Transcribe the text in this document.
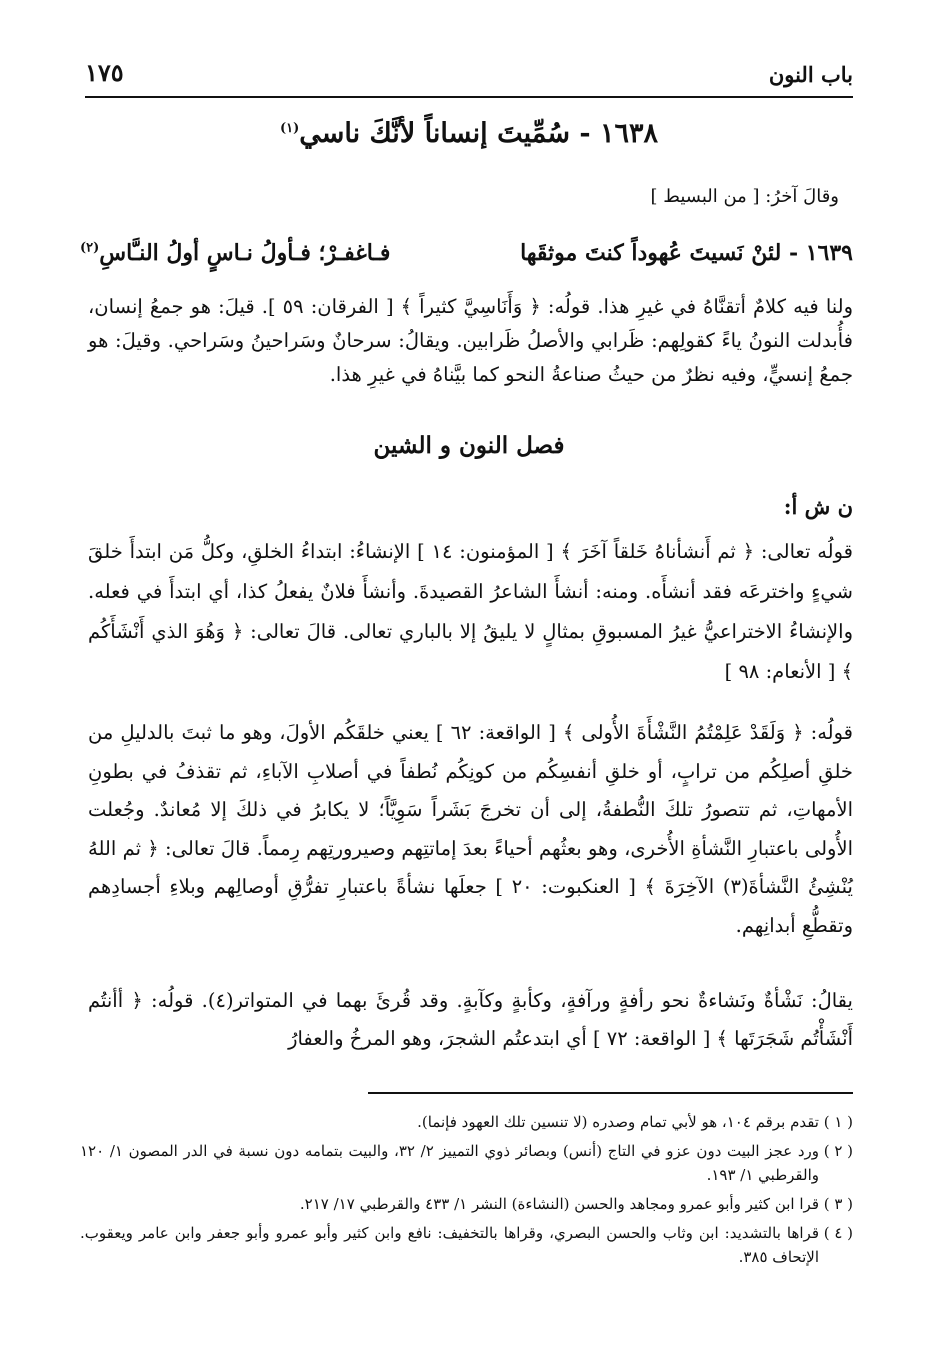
باب النون
١٧٥
١٦٣٨ - سُمِّيتَ إنساناً لأنَّكَ ناسي$^{(١)}$
وقالَ آخرُ: [ من البسيط ]
١٦٣٩ - لئنْ نَسيتَ عُهوداً كنتَ موثقَها
فـاغفـرْ؛ فـأولُ نـاسٍ أولُ النـَّاسِ$^{(٢)}$
ولنا فيه كلامٌ أتقنَّاهُ في غيرِ هذا. قولُه: ﴿ وَأَنَاسِيَّ كثيراً ﴾ [ الفرقان: ٥٩ ]. قيلَ: هو جمعُ إنسان، فأُبدلت النونُ ياءً كقولِهم: ظَرابي والأصلُ ظَرابين. ويقالُ: سرحانٌ وسَراحينُ وسَراحي. وقيلَ: هو جمعُ إنسيٍّ، وفيه نظرٌ من حيثُ صناعةُ النحو كما بيَّناهُ في غيرِ هذا.
فصل النون و الشين
ن ش أ:
قولُه تعالى: ﴿ ثم أَنشأناهُ خَلقاً آخَرَ ﴾ [ المؤمنون: ١٤ ] الإنشاءُ: ابتداءُ الخلقِ، وكلُّ مَن ابتدأَ خلقَ شيءٍ واخترعَه فقد أنشأَه. ومنه: أنشأَ الشاعرُ القصيدةَ. وأنشأَ فلانٌ يفعلُ كذا، أي ابتدأَ في فعله. والإنشاءُ الاختراعيُّ غيرُ المسبوقِ بمثالٍ لا يليقُ إلا بالباري تعالى. قالَ تعالى: ﴿ وَهُوَ الذي أَنْشَأَكُم ﴾ [ الأنعام: ٩٨ ]
قولُه: ﴿ وَلَقَدْ عَلِمْتُمُ النَّشْأَةَ الأُولى ﴾ [ الواقعة: ٦٢ ] يعني خلقَكُم الأولَ، وهو ما ثبتَ بالدليلِ من خلقِ أصلِكُم من ترابٍ، أو خلقِ أنفسِكُم من كونِكُم نُطفاً في أصلابِ الآباءِ، ثم تقذفُ في بطونِ الأمهاتِ، ثم تتصورُ تلكَ النُّطفةُ، إلى أن تخرجَ بَشَراً سَوِيَّاً؛ لا يكابرُ في ذلكَ إلا مُعاندٌ. وجُعلت الأُولى باعتبارِ النَّشأةِ الأُخرى، وهو بعثُهم أحياءً بعدَ إماتتِهم وصيرورتِهم رِمماً. قالَ تعالى: ﴿ ثم اللهُ يُنْشِئُ النَّشأةَ(٣) الآخِرَةَ ﴾ [ العنكبوت: ٢٠ ] جعلَها نشأةً باعتبارِ تفرُّقِ أوصالِهم وبلاءِ أجسادِهم وتقطُّعِ أبدانِهم.
يقالُ: نَشْأةٌ ونَشاءةٌ نحو رأفةٍ ورآفةٍ، وكأبةٍ وكآبةٍ. وقد قُرئَ بهما في المتواتر(٤). قولُه: ﴿ أأنتُم أَنْشَأْتُم شَجَرَتَها ﴾ [ الواقعة: ٧٢ ] أي ابتدعتُم الشجرَ، وهو المرخُ والعفارُ
( ١ )
تقدم برقم ١٠٤، هو لأبي تمام وصدره (لا تنسين تلك العهود فإنما).
( ٢ )
ورد عجز البيت دون عزو في التاج (أنس) وبصائر ذوي التمييز ٢/ ٣٢، والبيت بتمامه دون نسبة في الدر المصون ١/ ١٢٠ والقرطبي ١/ ١٩٣.
( ٣ )
قرا ابن كثير وأبو عمرو ومجاهد والحسن (النشاءة) النشر ١/ ٤٣٣ والقرطبي ١٧/ ٢١٧.
( ٤ )
قراها بالتشديد: ابن وثاب والحسن البصري، وقراها بالتخفيف: نافع وابن كثير وأبو عمرو وأبو جعفر وابن عامر ويعقوب. الإتحاف ٣٨٥.
